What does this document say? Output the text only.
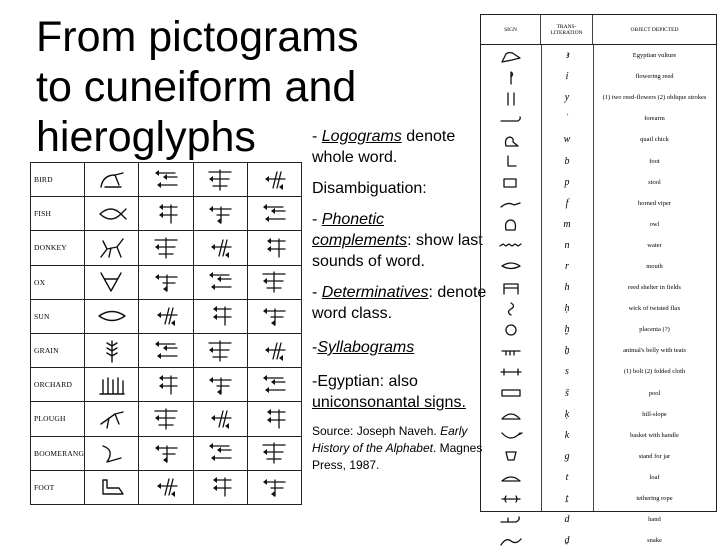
From pictograms
to cuneiform and
hieroglyphs
BIRD	

FISH	

DONKEY	

OX	

SUN	

GRAIN	

ORCHARD	

PLOUGH	

BOOMERANG	

FOOT	

- Logograms denote whole word.

Disambiguation:

- Phonetic complements: show last sounds of word.

- Determinatives: denote word class.

-Syllabograms

-Egyptian: also uniconsonantal signs.

Source: Joseph Naveh. Early History of the Alphabet. Magnes Press, 1987.

SIGN	TRANS-LITERATION	OBJECT DEPICTED
ꜣ	Egyptian vulture
ỉ	flowering reed
y	(1) two reed-flowers (2) oblique strokes
ʿ	forearm
w	quail chick
b	foot
p	stool
f	horned viper
m	owl
n	water
r	mouth
h	reed shelter in fields
ḥ	wick of twisted flax
ḫ	placenta (?)
ẖ	animal's belly with teats
s	(1) bolt (2) folded cloth
š	pool
ḳ	hill-slope
k	basket with handle
g	stand for jar
t	loaf
ṯ	tethering rope
d	hand
ḏ	snake
